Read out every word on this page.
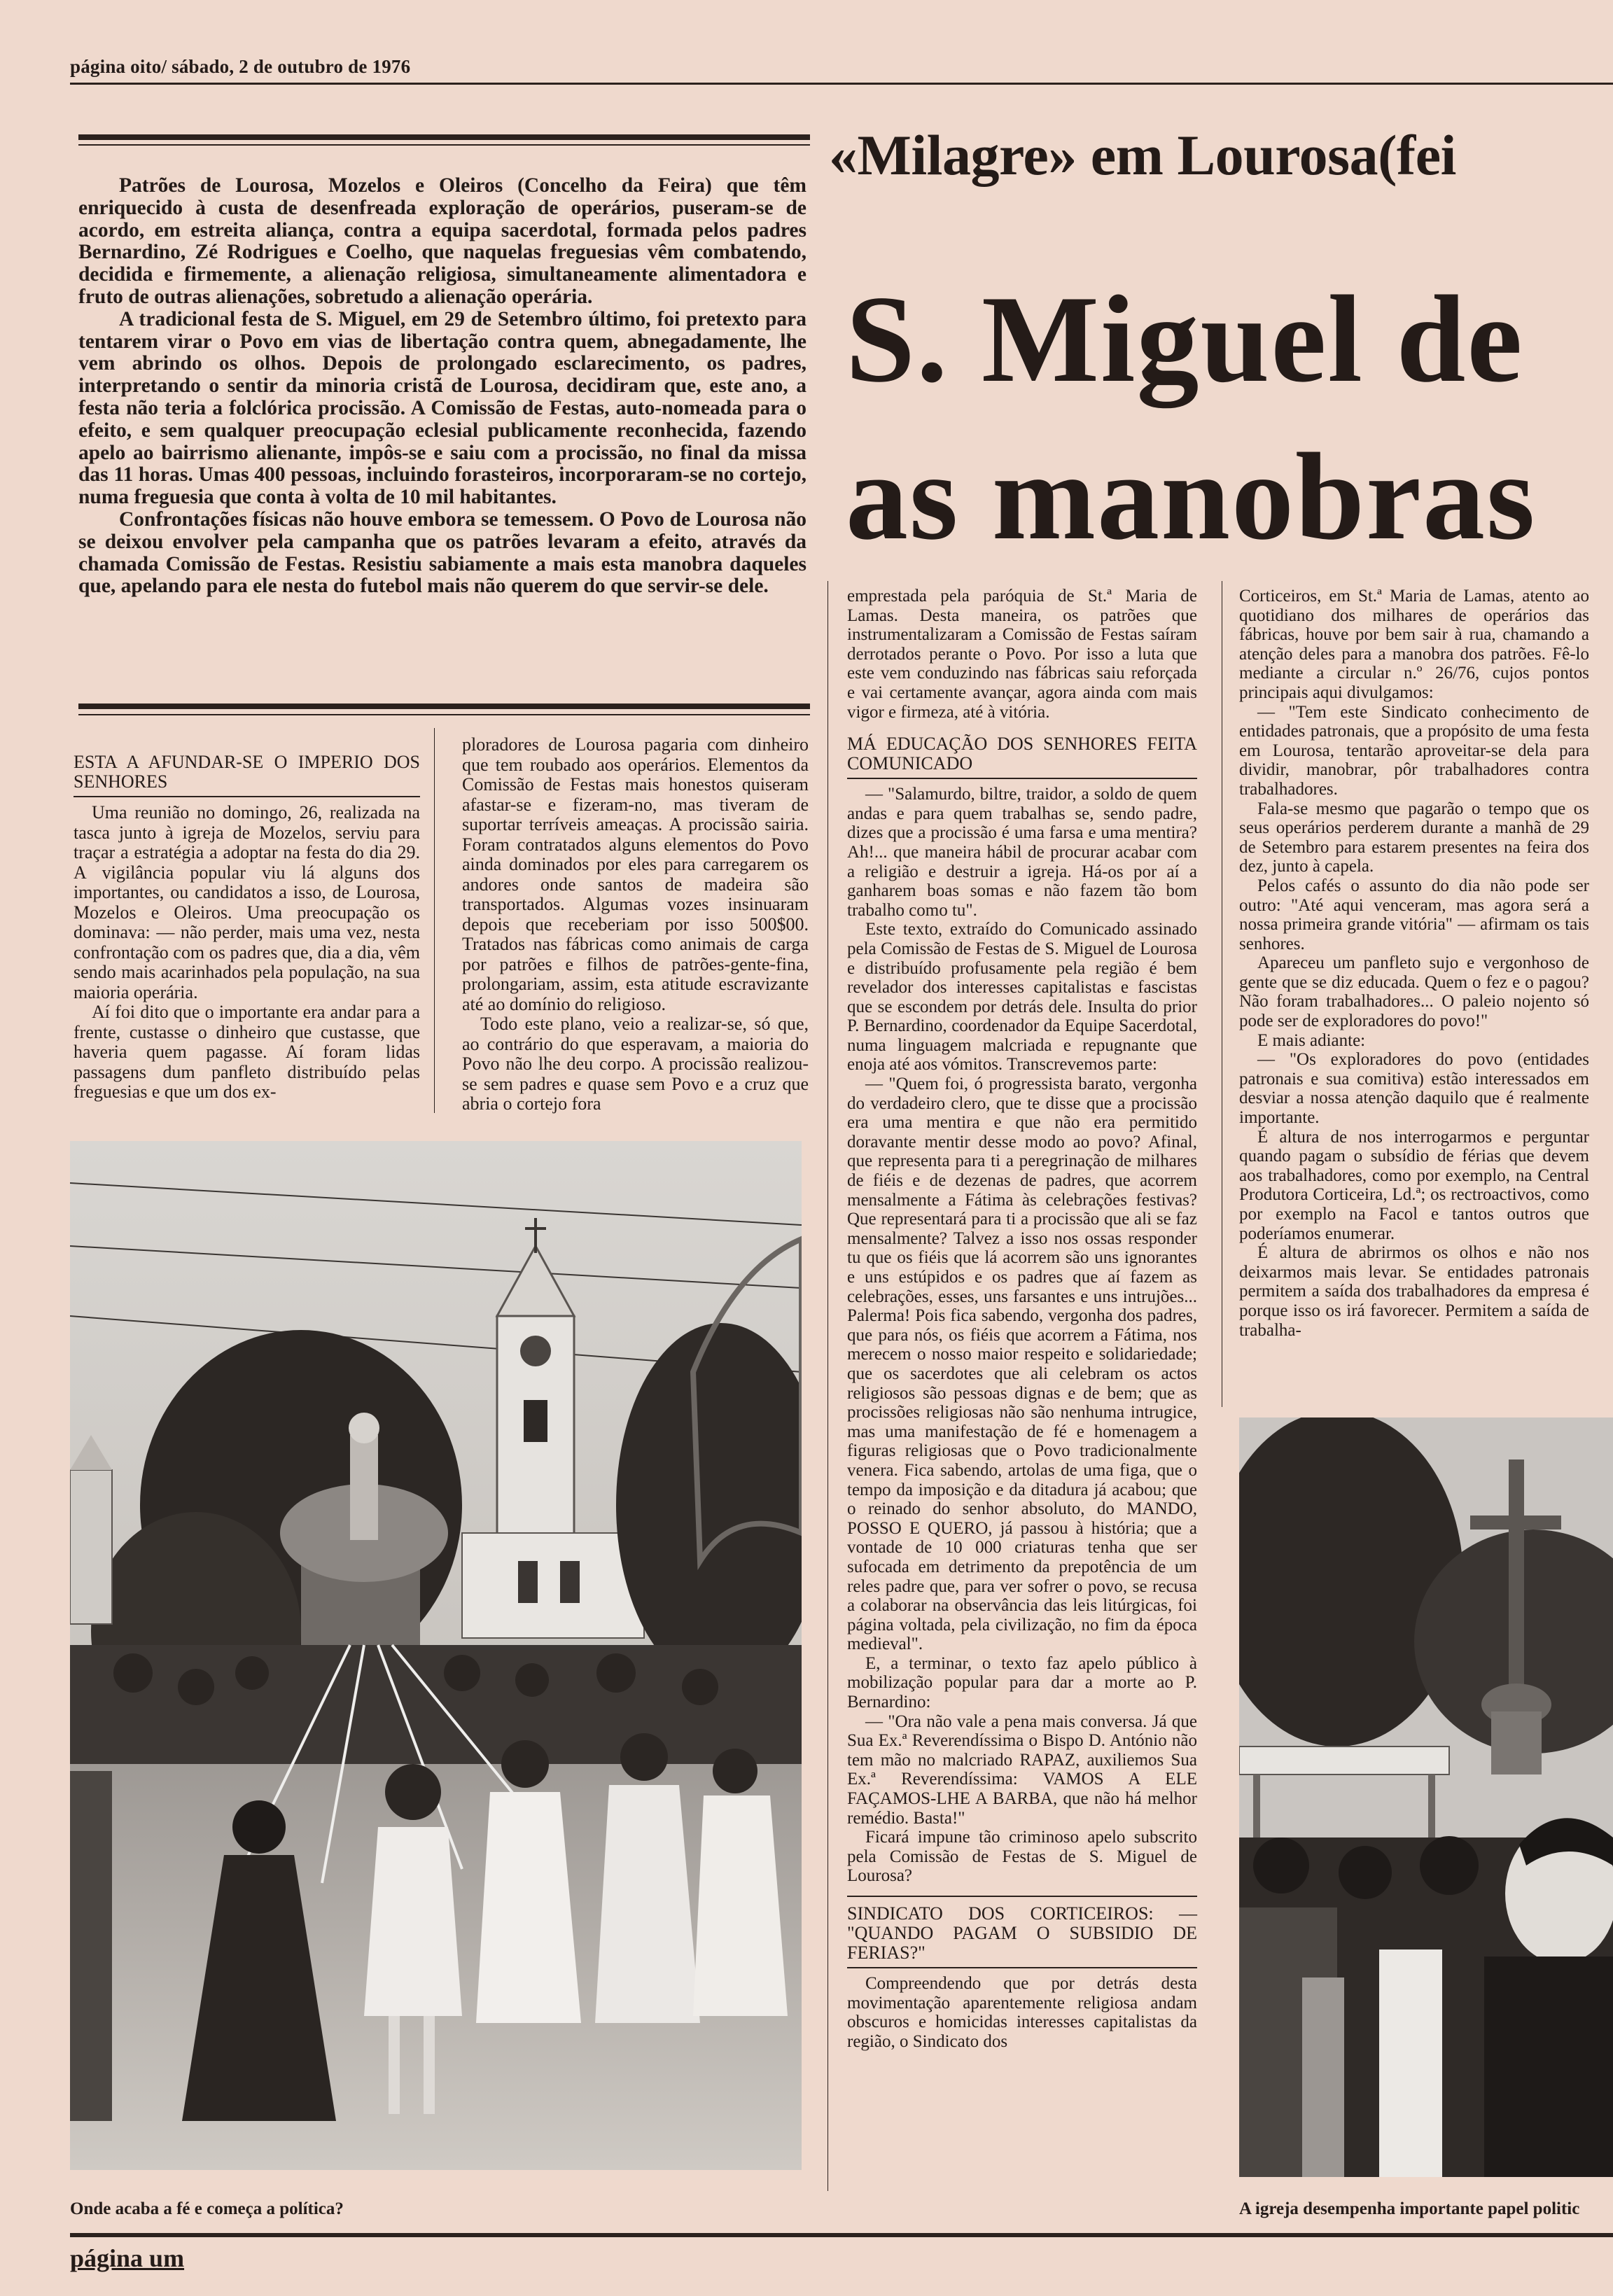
página oito/ sábado, 2 de outubro de 1976

Patrões de Lourosa, Mozelos e Oleiros (Concelho da Feira) que têm enriquecido à custa de desenfreada exploração de operários, puseram-se de acordo, em estreita aliança, contra a equipa sacerdotal, formada pelos padres Bernardino, Zé Rodrigues e Coelho, que naquelas freguesias vêm combatendo, decidida e firmemente, a alienação religiosa, simultaneamente alimentadora e fruto de outras alienações, sobretudo a alienação operária.

A tradicional festa de S. Miguel, em 29 de Setembro último, foi pretexto para tentarem virar o Povo em vias de libertação contra quem, abnegadamente, lhe vem abrindo os olhos. Depois de prolongado esclarecimento, os padres, interpretando o sentir da minoria cristã de Lourosa, decidiram que, este ano, a festa não teria a folclórica procissão. A Comissão de Festas, auto-nomeada para o efeito, e sem qualquer preocupação eclesial publicamente reconhecida, fazendo apelo ao bairrismo alienante, impôs-se e saiu com a procissão, no final da missa das 11 horas. Umas 400 pessoas, incluindo forasteiros, incorporaram-se no cortejo, numa freguesia que conta à volta de 10 mil habitantes.

Confrontações físicas não houve embora se temessem. O Povo de Lourosa não se deixou envolver pela campanha que os patrões levaram a efeito, através da chamada Comissão de Festas. Resistiu sabiamente a mais esta manobra daqueles que, apelando para ele nesta do futebol mais não querem do que servir-se dele.

«Milagre» em Lourosa(fei
S. Miguel de
as manobras
ESTA A AFUNDAR-SE O IMPERIO DOS SENHORES

Uma reunião no domingo, 26, realizada na tasca junto à igreja de Mozelos, serviu para traçar a estratégia a adoptar na festa do dia 29. A vigilância popular viu lá alguns dos importantes, ou candidatos a isso, de Lourosa, Mozelos e Oleiros. Uma preocupação os dominava: — não perder, mais uma vez, nesta confrontação com os padres que, dia a dia, vêm sendo mais acarinhados pela população, na sua maioria operária.

Aí foi dito que o importante era andar para a frente, custasse o dinheiro que custasse, que haveria quem pagasse. Aí foram lidas passagens dum panfleto distribuído pelas freguesias e que um dos ex-

ploradores de Lourosa pagaria com dinheiro que tem roubado aos operários. Elementos da Comissão de Festas mais honestos quiseram afastar-se e fizeram-no, mas tiveram de suportar terríveis ameaças. A procissão sairia. Foram contratados alguns elementos do Povo ainda dominados por eles para carregarem os andores onde santos de madeira são transportados. Algumas vozes insinuaram depois que receberiam por isso 500$00. Tratados nas fábricas como animais de carga por patrões e filhos de patrões-gente-fina, prolongariam, assim, esta atitude escravizante até ao domínio do religioso.

Todo este plano, veio a realizar-se, só que, ao contrário do que esperavam, a maioria do Povo não lhe deu corpo. A procissão realizou-se sem padres e quase sem Povo e a cruz que abria o cortejo fora

Onde acaba a fé e começa a política?

emprestada pela paróquia de St.ª Maria de Lamas. Desta maneira, os patrões que instrumentalizaram a Comissão de Festas saíram derrotados perante o Povo. Por isso a luta que este vem conduzindo nas fábricas saiu reforçada e vai certamente avançar, agora ainda com mais vigor e firmeza, até à vitória.

MÁ EDUCAÇÃO DOS SENHORES FEITA COMUNICADO

— "Salamurdo, biltre, traidor, a soldo de quem andas e para quem trabalhas se, sendo padre, dizes que a procissão é uma farsa e uma mentira? Ah!... que maneira hábil de procurar acabar com a religião e destruir a igreja. Há-os por aí a ganharem boas somas e não fazem tão bom trabalho como tu".

Este texto, extraído do Comunicado assinado pela Comissão de Festas de S. Miguel de Lourosa e distribuído profusamente pela região é bem revelador dos interesses capitalistas e fascistas que se escondem por detrás dele. Insulta do prior P. Bernardino, coordenador da Equipe Sacerdotal, numa linguagem malcriada e repugnante que enoja até aos vómitos. Transcrevemos parte:

— "Quem foi, ó progressista barato, vergonha do verdadeiro clero, que te disse que a procissão era uma mentira e que não era permitido doravante mentir desse modo ao povo? Afinal, que representa para ti a peregrinação de milhares de fiéis e de dezenas de padres, que acorrem mensalmente a Fátima às celebrações festivas? Que representará para ti a procissão que ali se faz mensalmente? Talvez a isso nos ossas responder tu que os fiéis que lá acorrem são uns ignorantes e uns estúpidos e os padres que aí fazem as celebrações, esses, uns farsantes e uns intrujões... Palerma! Pois fica sabendo, vergonha dos padres, que para nós, os fiéis que acorrem a Fátima, nos merecem o nosso maior respeito e solidariedade; que os sacerdotes que ali celebram os actos religiosos são pessoas dignas e de bem; que as procissões religiosas não são nenhuma intrugice, mas uma manifestação de fé e homenagem a figuras religiosas que o Povo tradicionalmente venera. Fica sabendo, artolas de uma figa, que o tempo da imposição e da ditadura já acabou; que o reinado do senhor absoluto, do MANDO, POSSO E QUERO, já passou à história; que a vontade de 10 000 criaturas tenha que ser sufocada em detrimento da prepotência de um reles padre que, para ver sofrer o povo, se recusa a colaborar na observância das leis litúrgicas, foi página voltada, pela civilização, no fim da época medieval".

E, a terminar, o texto faz apelo público à mobilização popular para dar a morte ao P. Bernardino:

— "Ora não vale a pena mais conversa. Já que Sua Ex.ª Reverendíssima o Bispo D. António não tem mão no malcriado RAPAZ, auxiliemos Sua Ex.ª Reverendíssima: VAMOS A ELE FAÇAMOS-LHE A BARBA, que não há melhor remédio. Basta!"

Ficará impune tão criminoso apelo subscrito pela Comissão de Festas de S. Miguel de Lourosa?

SINDICATO DOS CORTICEIROS: — "QUANDO PAGAM O SUBSIDIO DE FERIAS?"

Compreendendo que por detrás desta movimentação aparentemente religiosa andam obscuros e homicidas interesses capitalistas da região, o Sindicato dos

Corticeiros, em St.ª Maria de Lamas, atento ao quotidiano dos milhares de operários das fábricas, houve por bem sair à rua, chamando a atenção deles para a manobra dos patrões. Fê-lo mediante a circular n.º 26/76, cujos pontos principais aqui divulgamos:

— "Tem este Sindicato conhecimento de entidades patronais, que a propósito de uma festa em Lourosa, tentarão aproveitar-se dela para dividir, manobrar, pôr trabalhadores contra trabalhadores.

Fala-se mesmo que pagarão o tempo que os seus operários perderem durante a manhã de 29 de Setembro para estarem presentes na feira dos dez, junto à capela.

Pelos cafés o assunto do dia não pode ser outro: "Até aqui venceram, mas agora será a nossa primeira grande vitória" — afirmam os tais senhores.

Apareceu um panfleto sujo e vergonhoso de gente que se diz educada. Quem o fez e o pagou? Não foram trabalhadores... O paleio nojento só pode ser de exploradores do povo!"

E mais adiante:

— "Os exploradores do povo (entidades patronais e sua comitiva) estão interessados em desviar a nossa atenção daquilo que é realmente importante.

É altura de nos interrogarmos e perguntar quando pagam o subsídio de férias que devem aos trabalhadores, como por exemplo, na Central Produtora Corticeira, Ld.ª; os rectroactivos, como por exemplo na Facol e tantos outros que poderíamos enumerar.

É altura de abrirmos os olhos e não nos deixarmos mais levar. Se entidades patronais permitem a saída dos trabalhadores da empresa é porque isso os irá favorecer. Permitem a saída de trabalha-

A igreja desempenha importante papel politic
página um
